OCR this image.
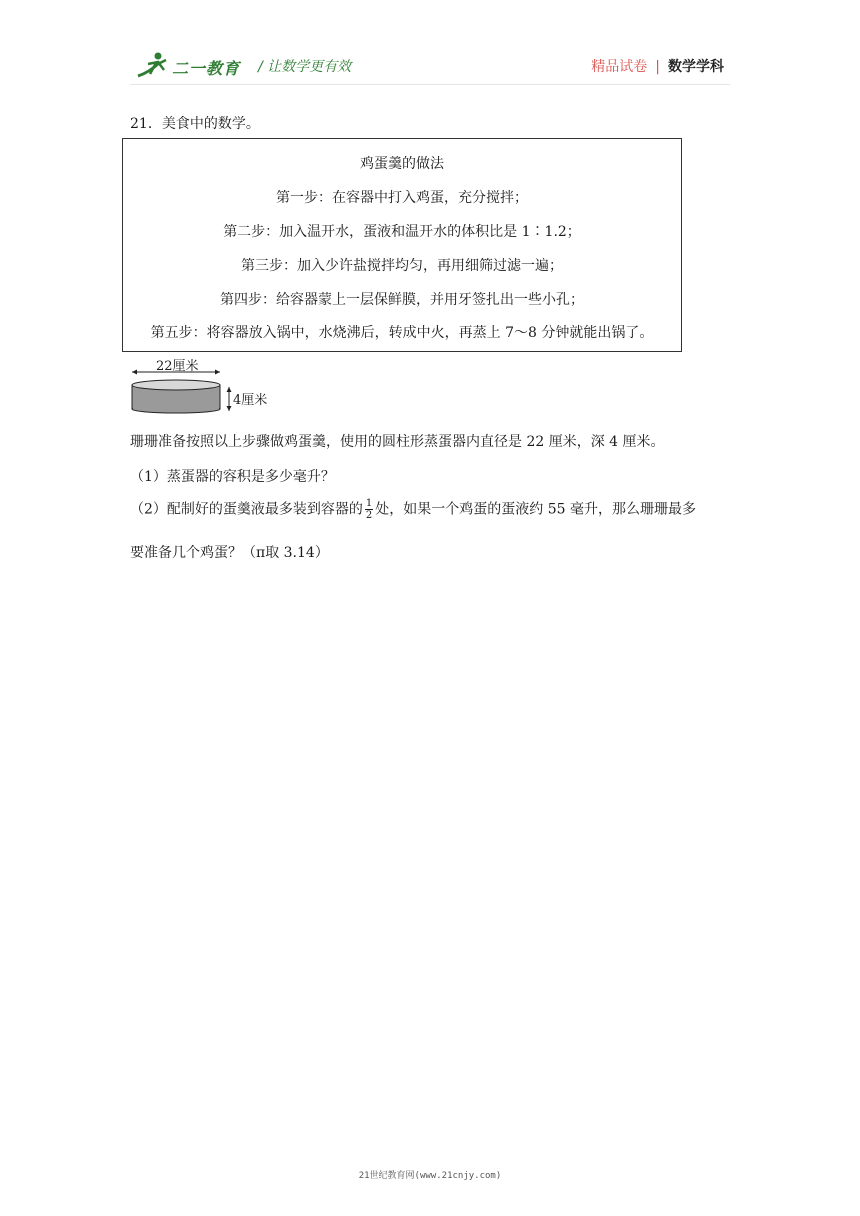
二一教育 / 让数学更有效	精品试卷 | 数学学科
21．美食中的数学。
鸡蛋羹的做法
第一步：在容器中打入鸡蛋，充分搅拌；
第二步：加入温开水，蛋液和温开水的体积比是 1∶1.2；
第三步：加入少许盐搅拌均匀，再用细筛过滤一遍；
第四步：给容器蒙上一层保鲜膜，并用牙签扎出一些小孔；
第五步：将容器放入锅中，水烧沸后，转成中火，再蒸上 7～8 分钟就能出锅了。
22厘米
4厘米
珊珊准备按照以上步骤做鸡蛋羹，使用的圆柱形蒸蛋器内直径是 22 厘米，深 4 厘米。
（1）蒸蛋器的容积是多少毫升？
（2）配制好的蛋羹液最多装到容器的 $\frac{1}{2}$ 处，如果一个鸡蛋的蛋液约 55 毫升，那么珊珊最多
要准备几个鸡蛋？（π取 3.14）
21世纪教育网(www.21cnjy.com)
